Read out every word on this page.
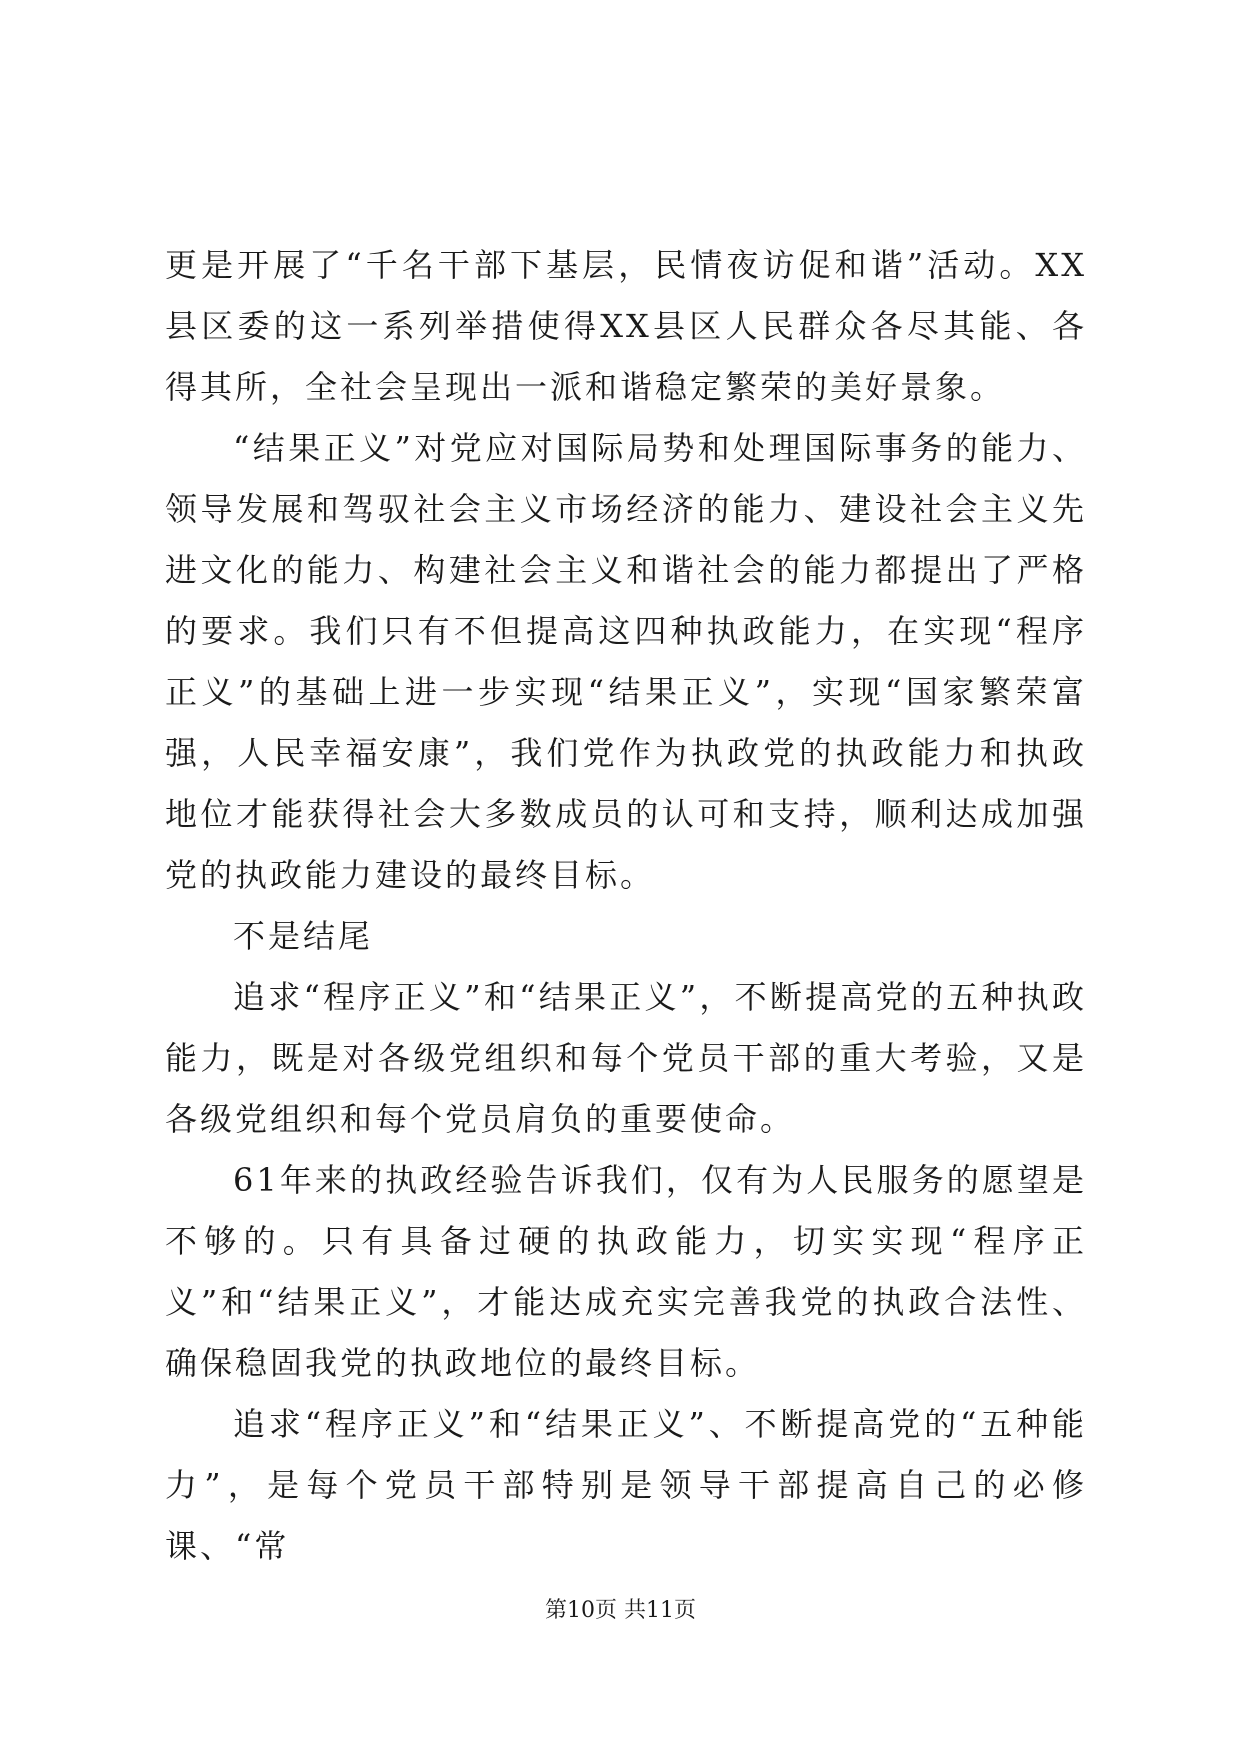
更是开展了“千名干部下基层，民情夜访促和谐”活动。XX县区委的这一系列举措使得XX县区人民群众各尽其能、各得其所，全社会呈现出一派和谐稳定繁荣的美好景象。

“结果正义”对党应对国际局势和处理国际事务的能力、领导发展和驾驭社会主义市场经济的能力、建设社会主义先进文化的能力、构建社会主义和谐社会的能力都提出了严格的要求。我们只有不但提高这四种执政能力，在实现“程序正义”的基础上进一步实现“结果正义”，实现“国家繁荣富强，人民幸福安康”，我们党作为执政党的执政能力和执政地位才能获得社会大多数成员的认可和支持，顺利达成加强党的执政能力建设的最终目标。

不是结尾

追求“程序正义”和“结果正义”，不断提高党的五种执政能力，既是对各级党组织和每个党员干部的重大考验，又是各级党组织和每个党员肩负的重要使命。

61年来的执政经验告诉我们，仅有为人民服务的愿望是不够的。只有具备过硬的执政能力，切实实现“程序正义”和“结果正义”，才能达成充实完善我党的执政合法性、确保稳固我党的执政地位的最终目标。

追求“程序正义”和“结果正义”、不断提高党的“五种能力”，是每个党员干部特别是领导干部提高自己的必修课、“常

第10页 共11页
